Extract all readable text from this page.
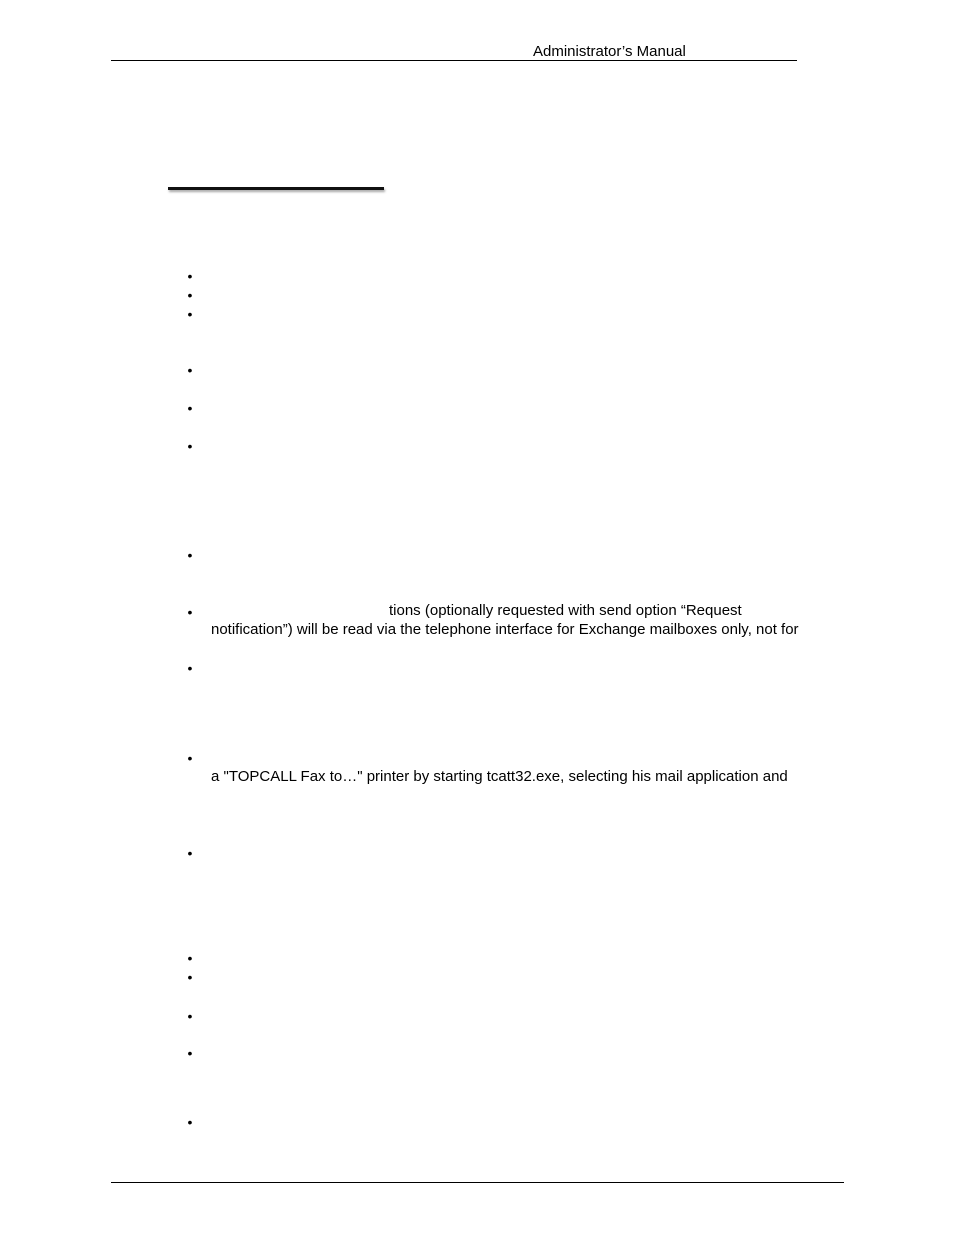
Administrator’s Manual
•
•
•
•
•
•
•
•
•
•
•
•
•
•
•
•
tions (optionally requested with send option “Request
notification”) will be read via the telephone interface for Exchange mailboxes only, not for
a "TOPCALL Fax to…" printer by starting tcatt32.exe, selecting his mail application and
